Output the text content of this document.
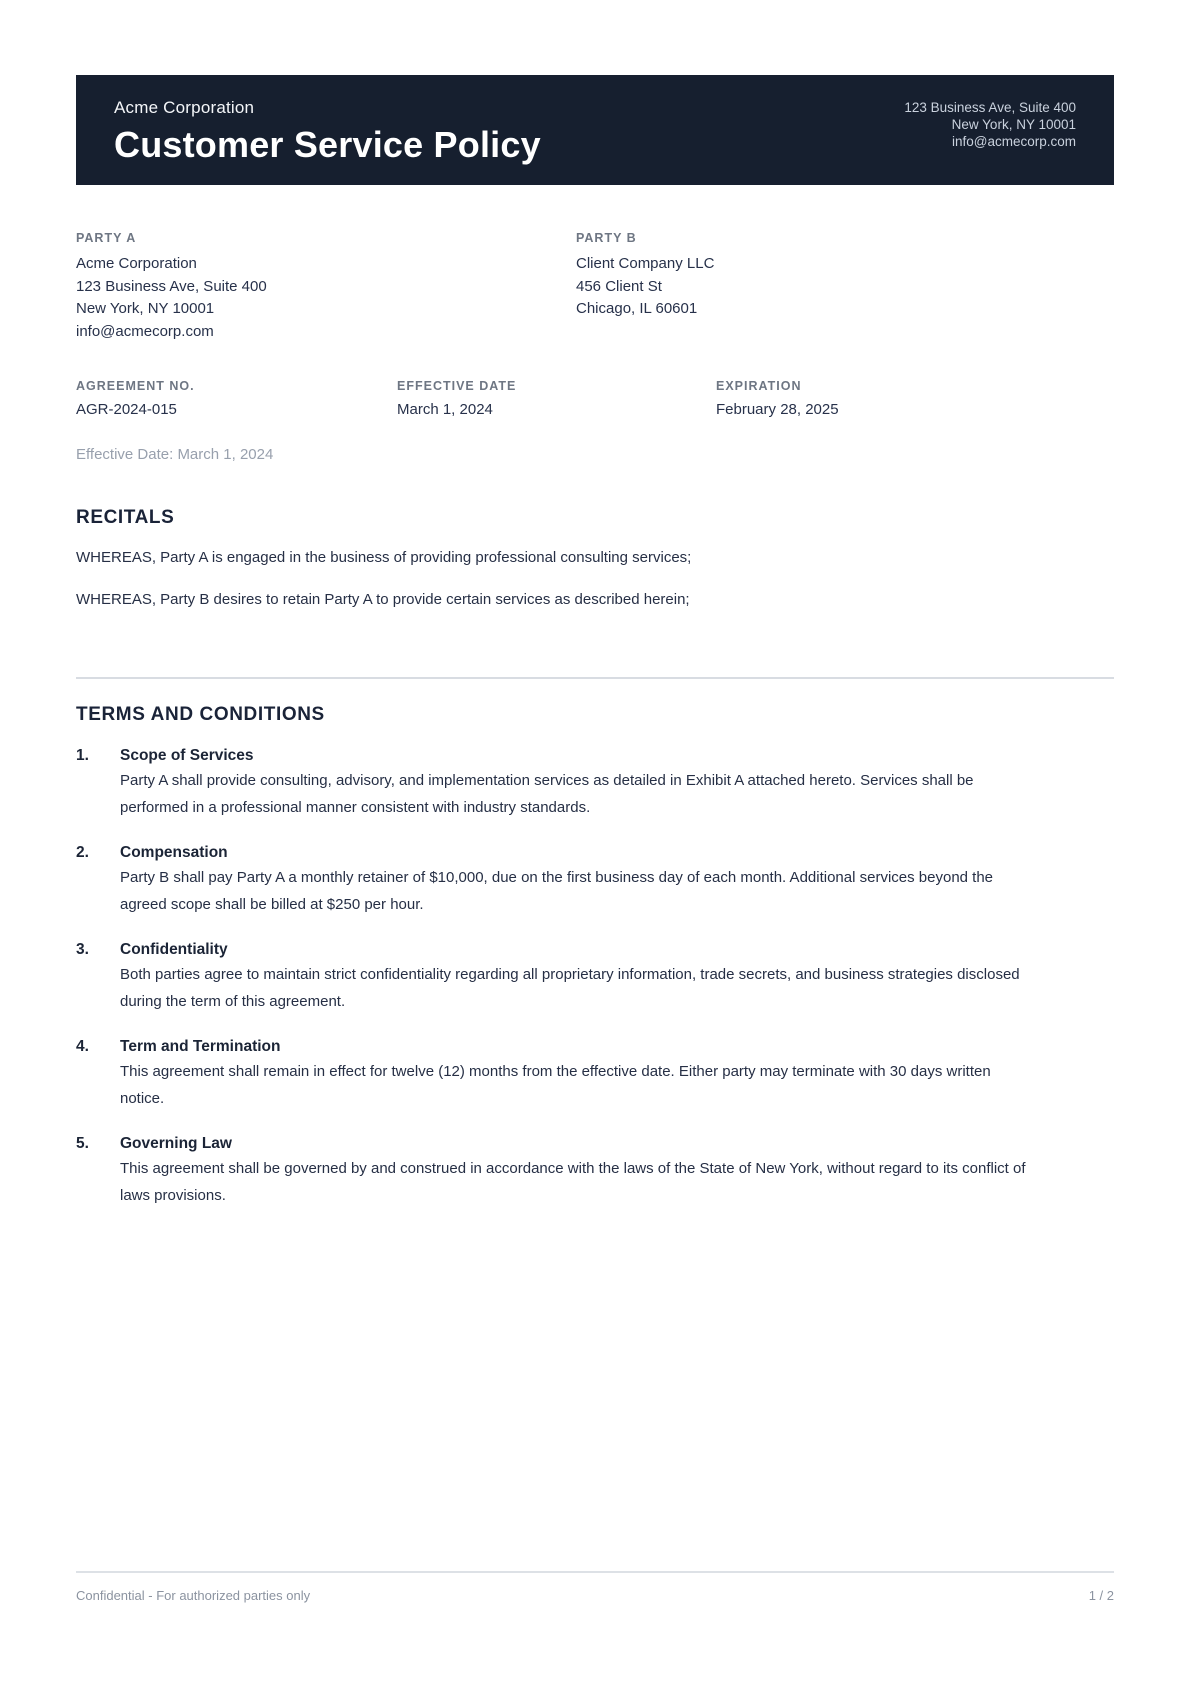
Acme Corporation
Customer Service Policy
123 Business Ave, Suite 400
New York, NY 10001
info@acmecorp.com
PARTY A
Acme Corporation
123 Business Ave, Suite 400
New York, NY 10001
info@acmecorp.com
PARTY B
Client Company LLC
456 Client St
Chicago, IL 60601
AGREEMENT NO.
AGR-2024-015
EFFECTIVE DATE
March 1, 2024
EXPIRATION
February 28, 2025
Effective Date: March 1, 2024
RECITALS

WHEREAS, Party A is engaged in the business of providing professional consulting services;

WHEREAS, Party B desires to retain Party A to provide certain services as described herein;

TERMS AND CONDITIONS
1.	Scope of Services
Party A shall provide consulting, advisory, and implementation services as detailed in Exhibit A attached hereto. Services shall be performed in a professional manner consistent with industry standards.
2.	Compensation
Party B shall pay Party A a monthly retainer of $10,000, due on the first business day of each month. Additional services beyond the agreed scope shall be billed at $250 per hour.
3.	Confidentiality
Both parties agree to maintain strict confidentiality regarding all proprietary information, trade secrets, and business strategies disclosed during the term of this agreement.
4.	Term and Termination
This agreement shall remain in effect for twelve (12) months from the effective date. Either party may terminate with 30 days written notice.
5.	Governing Law
This agreement shall be governed by and construed in accordance with the laws of the State of New York, without regard to its conflict of laws provisions.
Confidential - For authorized parties only	1 / 2
